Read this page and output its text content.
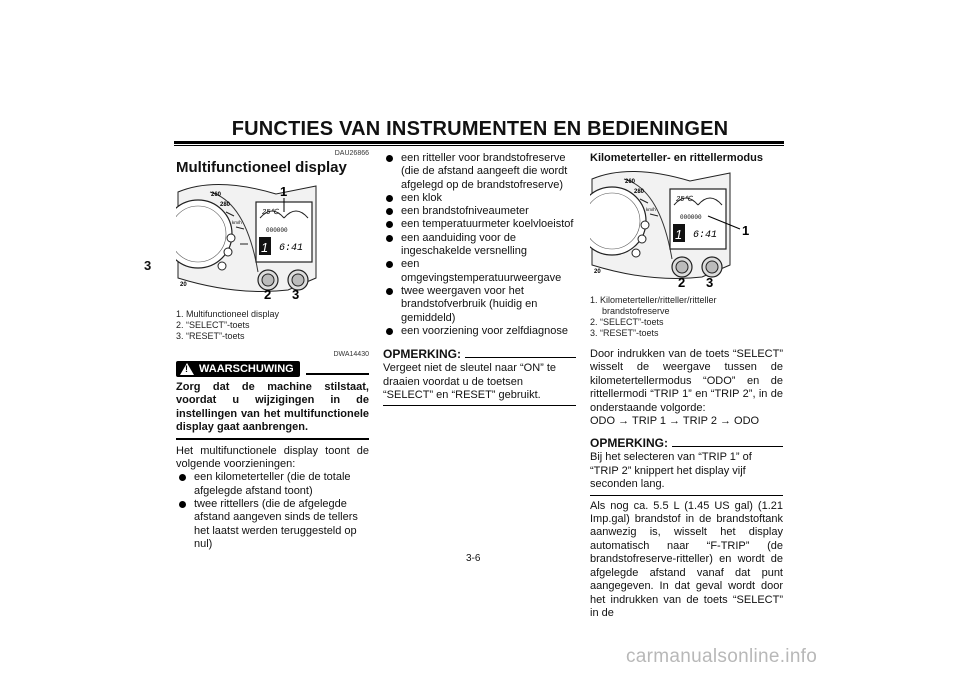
FUNCTIES VAN INSTRUMENTEN EN BEDIENINGEN
3
DAU26866
Multifunctioneel display
260
280
20
km/h
25℃
000000
1 6:41
1
2 3
1. Multifunctioneel display
2. “SELECT”-toets
3. “RESET”-toets
DWA14430
! WAARSCHUWING
Zorg dat de machine stilstaat, voordat u wijzigingen in de instellingen van het multifunctionele display gaat aanbrengen.
Het multifunctionele display toont de volgende voorzieningen:
een kilometerteller (die de totale afgelegde afstand toont)
twee rittellers (die de afgelegde afstand aangeven sinds de tellers het laatst werden teruggesteld op nul)
een ritteller voor brandstofreserve (die de afstand aangeeft die wordt afgelegd op de brandstofreserve)
een klok
een brandstofniveaumeter
een temperatuurmeter koelvloeistof
een aanduiding voor de ingeschakelde versnelling
een omgevingstemperatuurweergave
twee weergaven voor het brandstofverbruik (huidig en gemiddeld)
een voorziening voor zelfdiagnose
OPMERKING:
Vergeet niet de sleutel naar “ON” te draaien voordat u de toetsen “SELECT” en “RESET” gebruikt.
Kilometerteller- en rittellermodus
260
280
20
km/h
25℃
000000
1 6:41 1
2 3
1. Kilometerteller/ritteller/ritteller brandstofreserve
2. “SELECT”-toets
3. “RESET”-toets
Door indrukken van de toets “SELECT” wisselt de weergave tussen de kilometertellermodus “ODO” en de rittellermodi “TRIP 1” en “TRIP 2”, in de onderstaande volgorde:
ODO → TRIP 1 → TRIP 2 → ODO
OPMERKING:
Bij het selecteren van “TRIP 1” of “TRIP 2” knippert het display vijf seconden lang.
Als nog ca. 5.5 L (1.45 US gal) (1.21 Imp.gal) brandstof in de brandstoftank aanwezig is, wisselt het display automatisch naar “F-TRIP” (de brandstofreserve-ritteller) en wordt de afgelegde afstand vanaf dat punt aangegeven. In dat geval wordt door het indrukken van de toets “SELECT” in de
3-6
carmanualsonline.info
